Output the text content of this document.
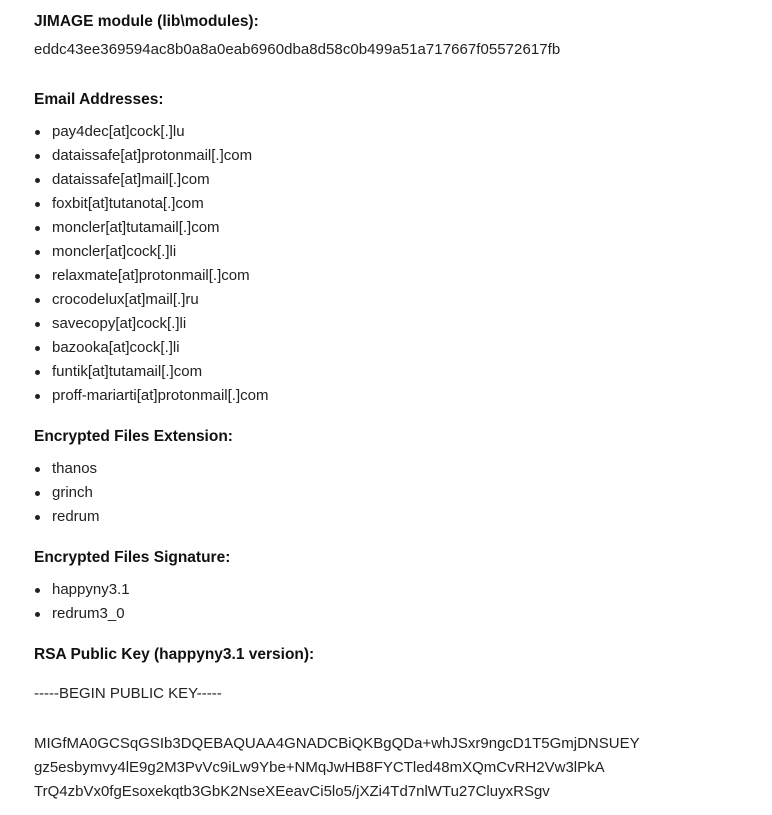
JIMAGE module (lib\modules):

eddc43ee369594ac8b0a8a0eab6960dba8d58c0b499a51a717667f05572617fb

Email Addresses:

pay4dec[at]cock[.]lu
dataissafe[at]protonmail[.]com
dataissafe[at]mail[.]com
foxbit[at]tutanota[.]com
moncler[at]tutamail[.]com
moncler[at]cock[.]li
relaxmate[at]protonmail[.]com
crocodelux[at]mail[.]ru
savecopy[at]cock[.]li
bazooka[at]cock[.]li
funtik[at]tutamail[.]com
proff-mariarti[at]protonmail[.]com

Encrypted Files Extension:

thanos
grinch
redrum

Encrypted Files Signature:

happyny3.1
redrum3_0

RSA Public Key (happyny3.1 version):

-----BEGIN PUBLIC KEY-----

MIGfMA0GCSqGSIb3DQEBAQUAA4GNADCBiQKBgQDa+whJSxr9ngcD1T5GmjDNSUEY
gz5esbymvy4lE9g2M3PvVc9iLw9Ybe+NMqJwHB8FYCTled48mXQmCvRH2Vw3lPkA
TrQ4zbVx0fgEsoxekqtb3GbK2NseXEeavCi5lo5/jXZi4Td7nlWTu27CluyxRSgv
